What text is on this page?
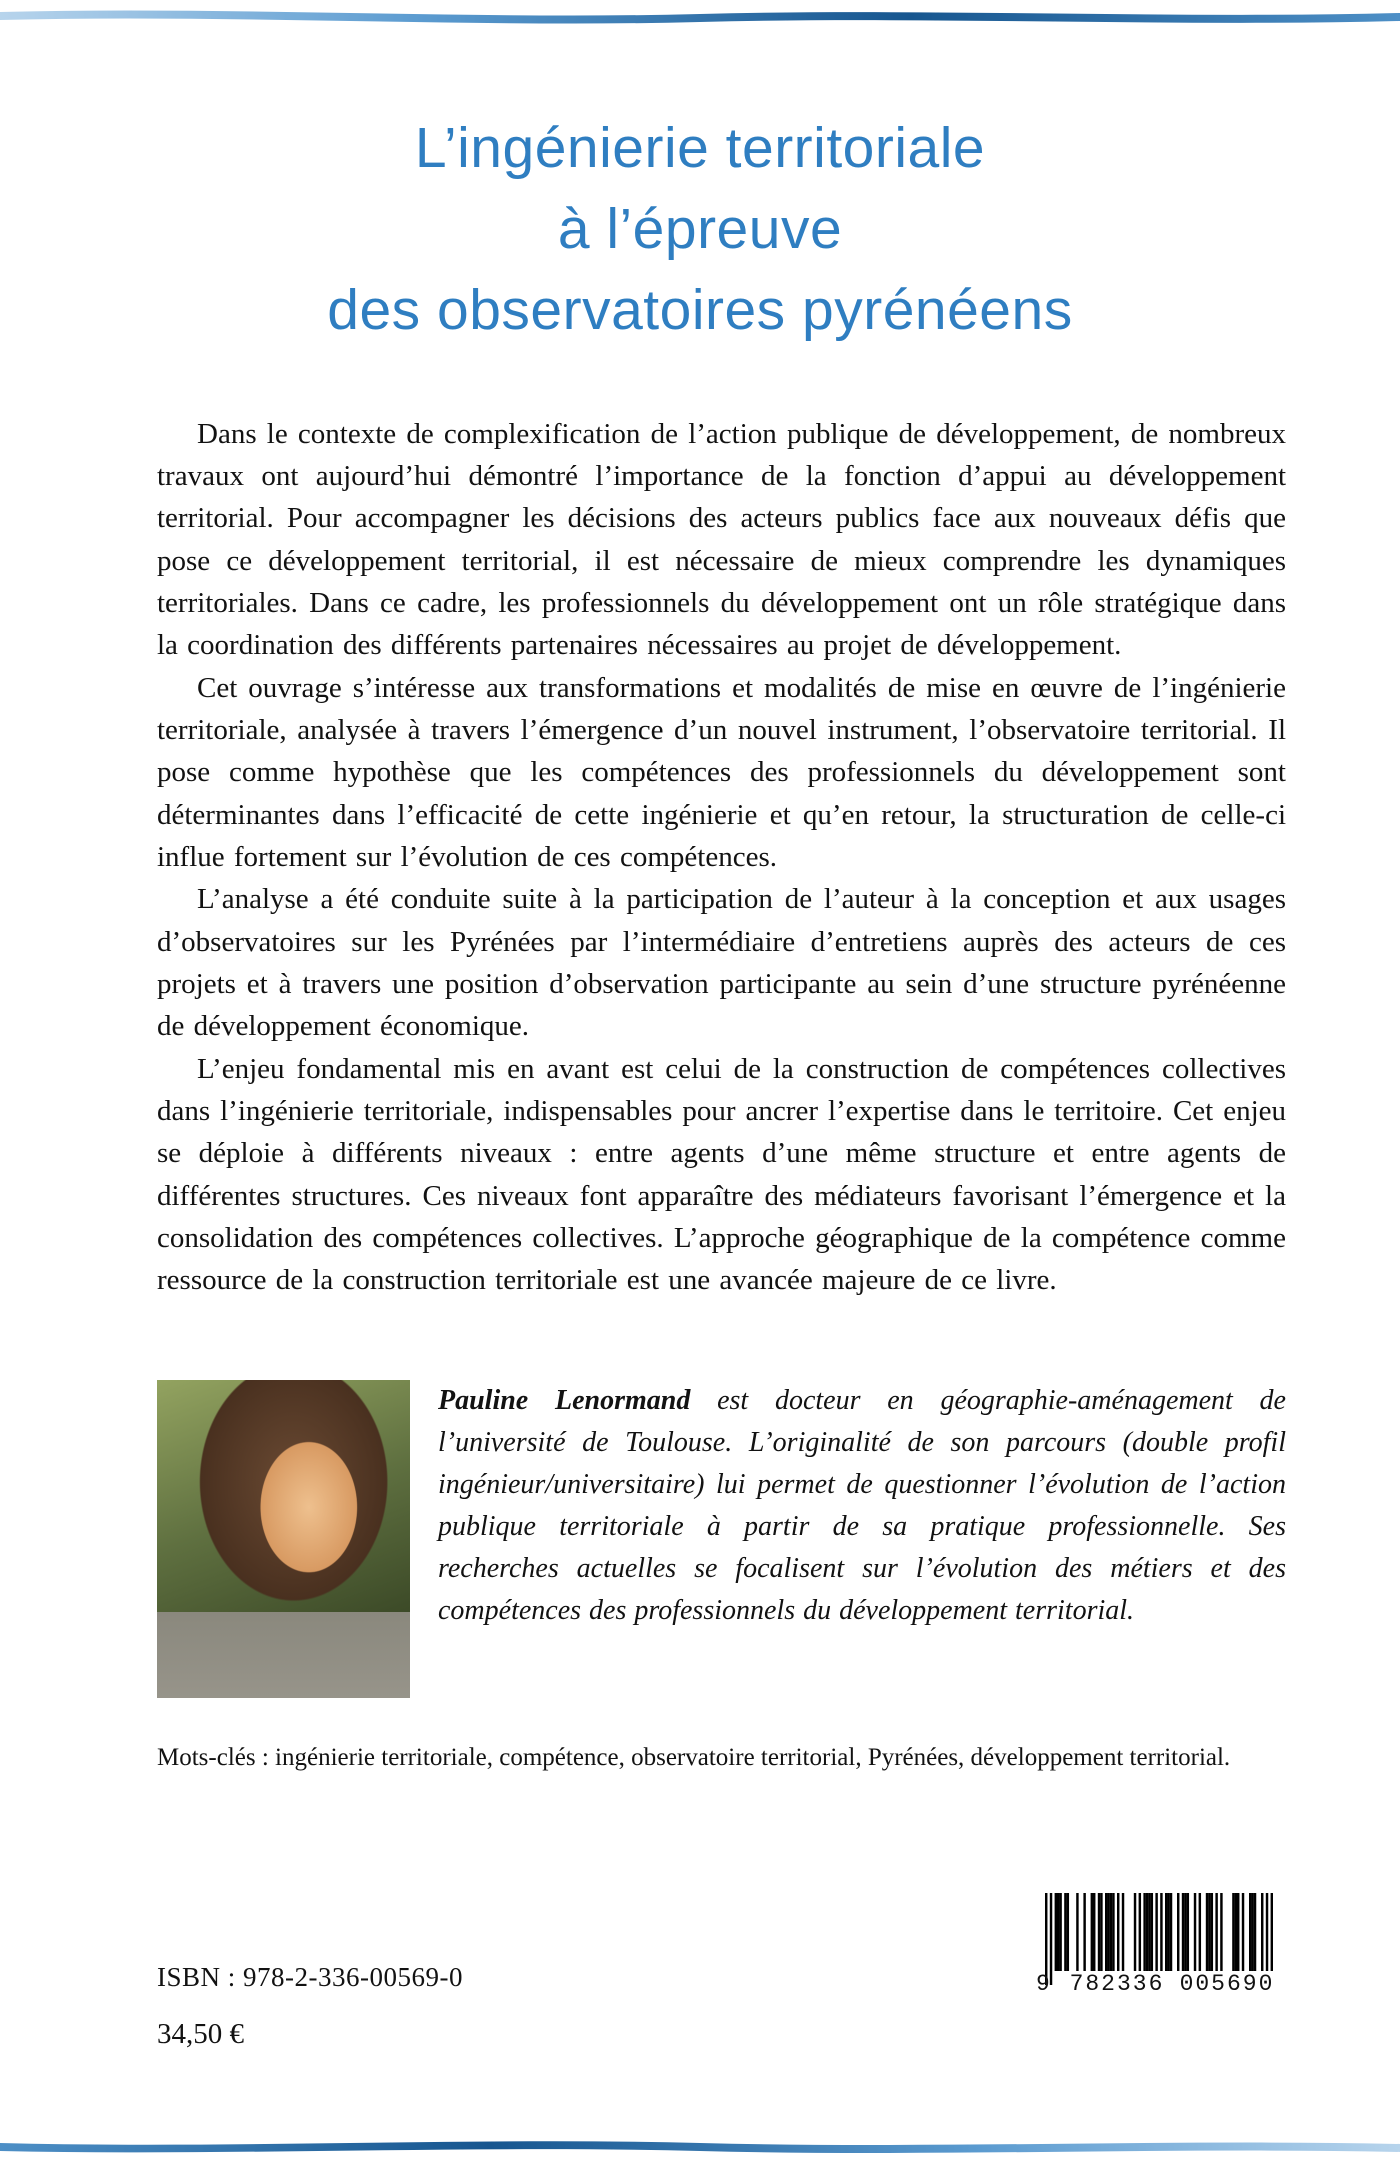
L’ingénierie territoriale
à l’épreuve
des observatoires pyrénéens

Dans le contexte de complexification de l’action publique de développement, de nombreux travaux ont aujourd’hui démontré l’importance de la fonction d’appui au développement territorial. Pour accompagner les décisions des acteurs publics face aux nouveaux défis que pose ce développement territorial, il est nécessaire de mieux comprendre les dynamiques territoriales. Dans ce cadre, les professionnels du développement ont un rôle stratégique dans la coordination des différents partenaires nécessaires au projet de développement.

Cet ouvrage s’intéresse aux transformations et modalités de mise en œuvre de l’ingénierie territoriale, analysée à travers l’émergence d’un nouvel instrument, l’observatoire territorial. Il pose comme hypothèse que les compétences des professionnels du développement sont déterminantes dans l’efficacité de cette ingénierie et qu’en retour, la structuration de celle-ci influe fortement sur l’évolution de ces compétences.

L’analyse a été conduite suite à la participation de l’auteur à la conception et aux usages d’observatoires sur les Pyrénées par l’intermédiaire d’entretiens auprès des acteurs de ces projets et à travers une position d’observation participante au sein d’une structure pyrénéenne de développement économique.

L’enjeu fondamental mis en avant est celui de la construction de compétences collectives dans l’ingénierie territoriale, indispensables pour ancrer l’expertise dans le territoire. Cet enjeu se déploie à différents niveaux : entre agents d’une même structure et entre agents de différentes structures. Ces niveaux font apparaître des médiateurs favorisant l’émergence et la consolidation des compétences collectives. L’approche géographique de la compétence comme ressource de la construction territoriale est une avancée majeure de ce livre.

Pauline Lenormand est docteur en géographie-aménagement de l’université de Toulouse. L’originalité de son parcours (double profil ingénieur/universitaire) lui permet de questionner l’évolution de l’action publique territoriale à partir de sa pratique professionnelle. Ses recherches actuelles se focalisent sur l’évolution des métiers et des compétences des professionnels du développement territorial.
Mots-clés : ingénierie territoriale, compétence, observatoire territorial, Pyrénées, développement territorial.
ISBN : 978-2-336-00569-0
34,50 €
9 782336 005690
